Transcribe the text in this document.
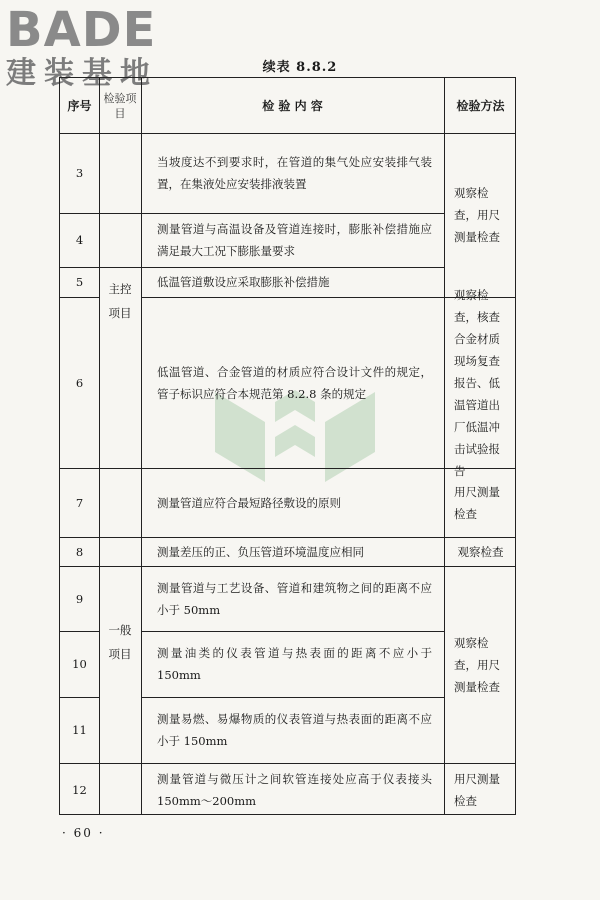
BADE
建装基地	续表 8.8.2
序号
检验项目
检 验 内 容	检验方法
3
4
5
6
7
8
9
10
11
12
主控项目
一般项目
当坡度达不到要求时，在管道的集气处应安装排气装置，在集液处应安装排液装置
测量管道与高温设备及管道连接时，膨胀补偿措施应满足最大工况下膨胀量要求
低温管道敷设应采取膨胀补偿措施
低温管道、合金管道的材质应符合设计文件的规定，管子标识应符合本规范第 8.2.8 条的规定
测量管道应符合最短路径敷设的原则
测量差压的正、负压管道环境温度应相同
测量管道与工艺设备、管道和建筑物之间的距离不应小于 50mm
测量油类的仪表管道与热表面的距离不应小于 150mm
测量易燃、易爆物质的仪表管道与热表面的距离不应小于 150mm
测量管道与微压计之间软管连接处应高于仪表接头 150mm～200mm
观察检查，用尺测量检查
观察检查，核查合金材质现场复查报告、低温管道出厂低温冲击试验报告
用尺测量检查
观察检查
观察检查，用尺测量检查
用尺测量检查
· 60 ·
